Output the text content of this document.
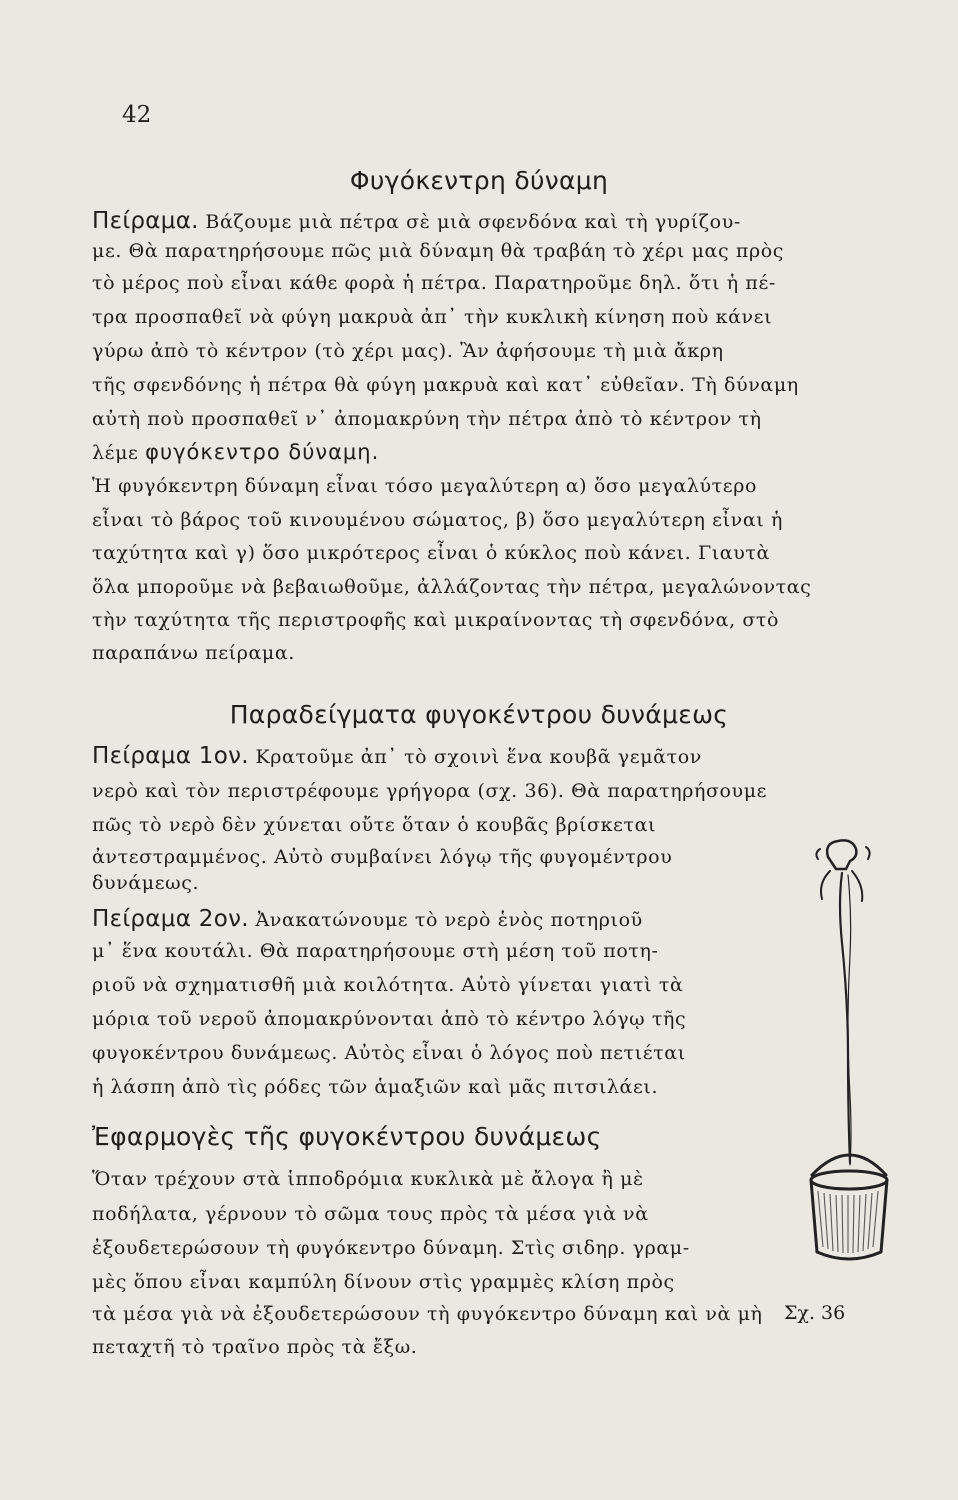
42
Φυγόκεντρη δύναμη
Πείραμα. Βάζουμε μιὰ πέτρα σὲ μιὰ σφενδόνα καὶ τὴ γυρίζου-
με. Θὰ παρατηρήσουμε πῶς μιὰ δύναμη θὰ τραβάη τὸ χέρι μας πρὸς
τὸ μέρος ποὺ εἶναι κάθε φορὰ ἡ πέτρα. Παρατηροῦμε δηλ. ὅτι ἡ πέ-
τρα προσπαθεῖ νὰ φύγη μακρυὰ ἀπ᾽ τὴν κυκλικὴ κίνηση ποὺ κάνει
γύρω ἀπὸ τὸ κέντρον (τὸ χέρι μας). Ἂν ἀφήσουμε τὴ μιὰ ἄκρη
τῆς σφενδόνης ἡ πέτρα θὰ φύγη μακρυὰ καὶ κατ᾽ εὐθεῖαν. Τὴ δύναμη
αὐτὴ ποὺ προσπαθεῖ ν᾽ ἀπομακρύνη τὴν πέτρα ἀπὸ τὸ κέντρον τὴ
λέμε φυγόκεντρο δύναμη.
Ἡ φυγόκεντρη δύναμη εἶναι τόσο μεγαλύτερη α) ὅσο μεγαλύτερο
εἶναι τὸ βάρος τοῦ κινουμένου σώματος, β) ὅσο μεγαλύτερη εἶναι ἡ
ταχύτητα καὶ γ) ὅσο μικρότερος εἶναι ὁ κύκλος ποὺ κάνει. Γιαυτὰ
ὅλα μποροῦμε νὰ βεβαιωθοῦμε, ἀλλάζοντας τὴν πέτρα, μεγαλώνοντας
τὴν ταχύτητα τῆς περιστροφῆς καὶ μικραίνοντας τὴ σφενδόνα, στὸ
παραπάνω πείραμα.
Παραδείγματα φυγοκέντρου δυνάμεως
Πείραμα 1ον. Κρατοῦμε ἀπ᾽ τὸ σχοινὶ ἕνα κουβᾶ γεμᾶτον
νερὸ καὶ τὸν περιστρέφουμε γρήγορα (σχ. 36). Θὰ παρατηρήσουμε
πῶς τὸ νερὸ δὲν χύνεται οὔτε ὅταν ὁ κουβᾶς βρίσκεται
ἀντεστραμμένος. Αὐτὸ συμβαίνει λόγῳ τῆς φυγομέντρου
δυνάμεως.
Πείραμα 2ον. Ἀνακατώνουμε τὸ νερὸ ἑνὸς ποτηριοῦ
μ᾽ ἕνα κουτάλι. Θὰ παρατηρήσουμε στὴ μέση τοῦ ποτη-
ριοῦ νὰ σχηματισθῆ μιὰ κοιλότητα. Αὐτὸ γίνεται γιατὶ τὰ
μόρια τοῦ νεροῦ ἀπομακρύνονται ἀπὸ τὸ κέντρο λόγῳ τῆς
φυγοκέντρου δυνάμεως. Αὐτὸς εἶναι ὁ λόγος ποὺ πετιέται
ἡ λάσπη ἀπὸ τὶς ρόδες τῶν ἁμαξιῶν καὶ μᾶς πιτσιλάει.
Ἐφαρμογὲς τῆς φυγοκέντρου δυνάμεως
Ὅταν τρέχουν στὰ ἱπποδρόμια κυκλικὰ μὲ ἄλογα ἢ μὲ
ποδήλατα, γέρνουν τὸ σῶμα τους πρὸς τὰ μέσα γιὰ νὰ
ἐξουδετερώσουν τὴ φυγόκεντρο δύναμη. Στὶς σιδηρ. γραμ-
μὲς ὅπου εἶναι καμπύλη δίνουν στὶς γραμμὲς κλίση πρὸς
τὰ μέσα γιὰ νὰ ἐξουδετερώσουν τὴ φυγόκεντρο δύναμη καὶ νὰ μὴ
πεταχτῆ τὸ τραῖνο πρὸς τὰ ἔξω.
Σχ. 36
